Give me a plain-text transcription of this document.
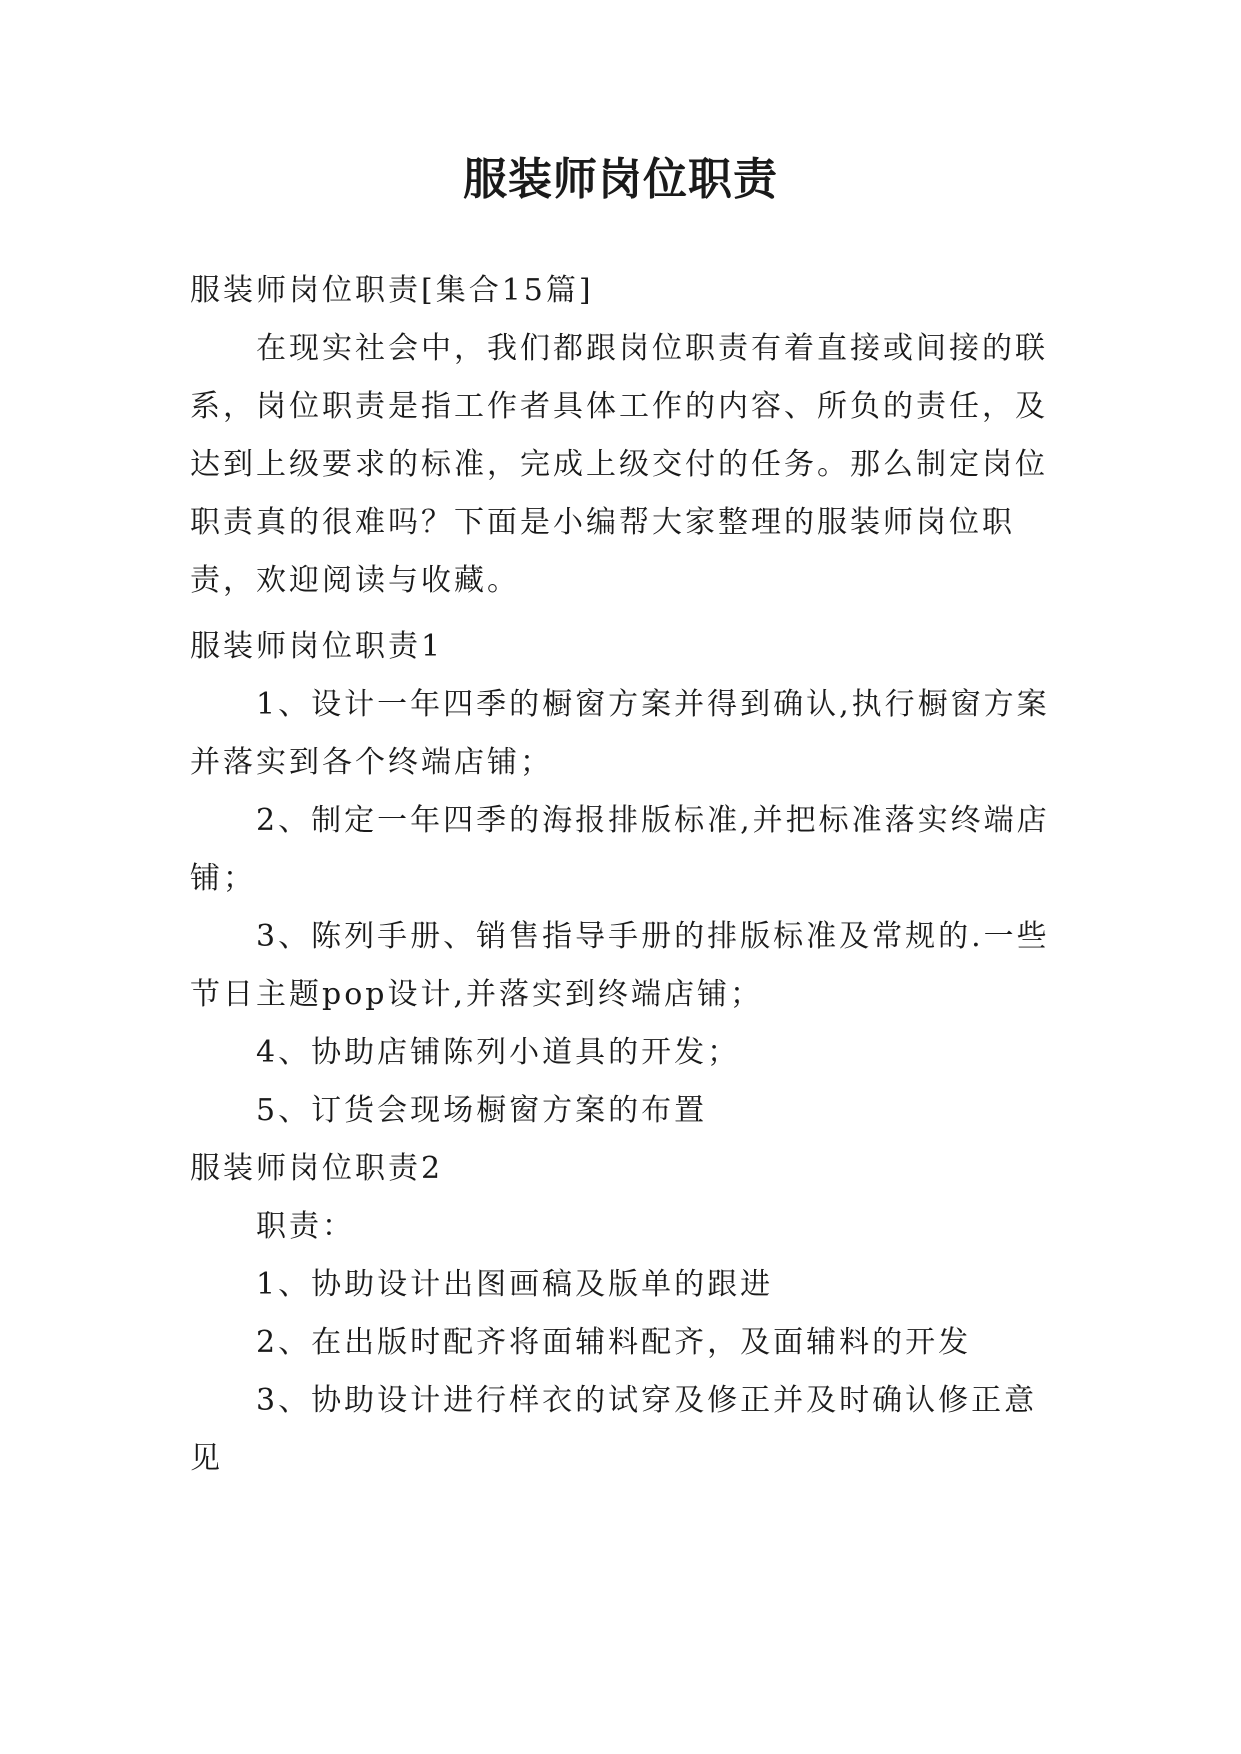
服装师岗位职责

服装师岗位职责[集合15篇]

在现实社会中，我们都跟岗位职责有着直接或间接的联系，岗位职责是指工作者具体工作的内容、所负的责任，及达到上级要求的标准，完成上级交付的任务。那么制定岗位职责真的很难吗？下面是小编帮大家整理的服装师岗位职责，欢迎阅读与收藏。

服装师岗位职责1

1、设计一年四季的橱窗方案并得到确认,执行橱窗方案并落实到各个终端店铺；

2、制定一年四季的海报排版标准,并把标准落实终端店铺；

3、陈列手册、销售指导手册的排版标准及常规的.一些节日主题pop设计,并落实到终端店铺；

4、协助店铺陈列小道具的开发；

5、订货会现场橱窗方案的布置

服装师岗位职责2

职责：

1、协助设计出图画稿及版单的跟进

2、在出版时配齐将面辅料配齐，及面辅料的开发

3、协助设计进行样衣的试穿及修正并及时确认修正意见
